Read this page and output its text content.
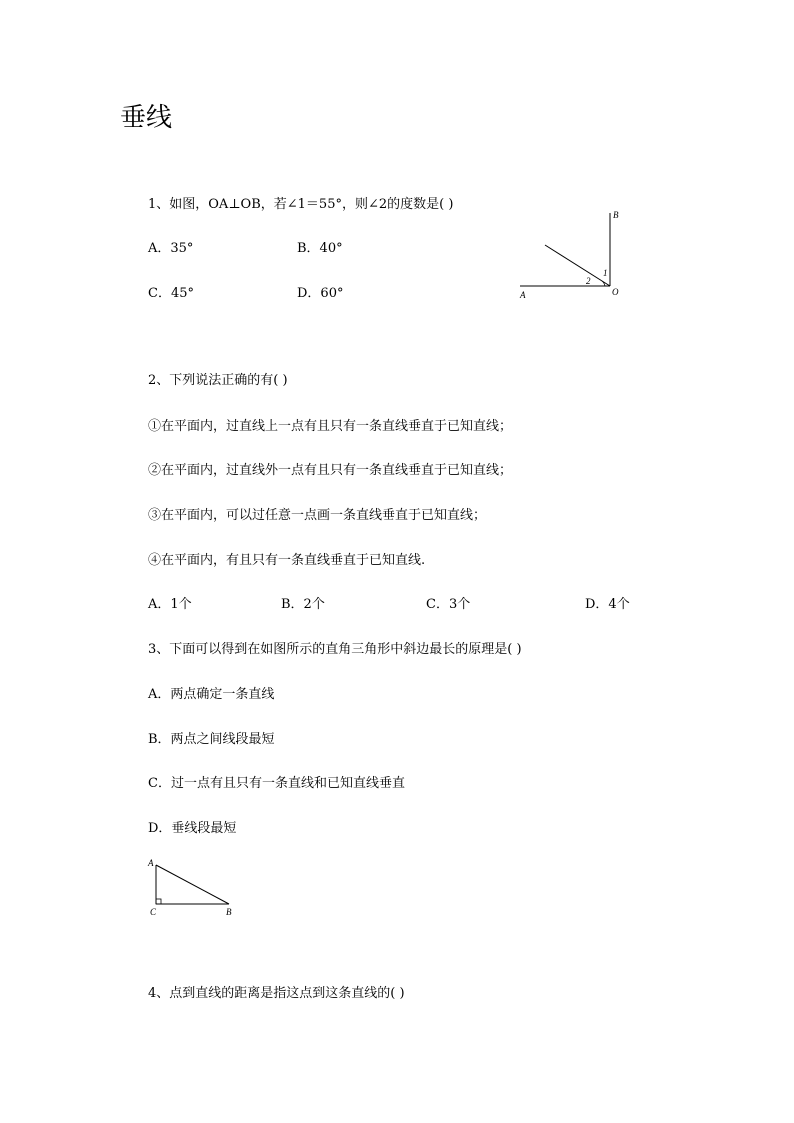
垂线
1、如图，OA⊥OB，若∠1＝55°，则∠2的度数是( )
A．35°	B．40°
C．45°	D．60°
B
1
2
O
A
2、下列说法正确的有( )
①在平面内，过直线上一点有且只有一条直线垂直于已知直线；
②在平面内，过直线外一点有且只有一条直线垂直于已知直线；
③在平面内，可以过任意一点画一条直线垂直于已知直线；
④在平面内，有且只有一条直线垂直于已知直线.
A．1个	B．2个	C．3个	D．4个
3、下面可以得到在如图所示的直角三角形中斜边最长的原理是( )
A．两点确定一条直线
B．两点之间线段最短
C．过一点有且只有一条直线和已知直线垂直
D．垂线段最短
A
C	B
4、点到直线的距离是指这点到这条直线的( )
